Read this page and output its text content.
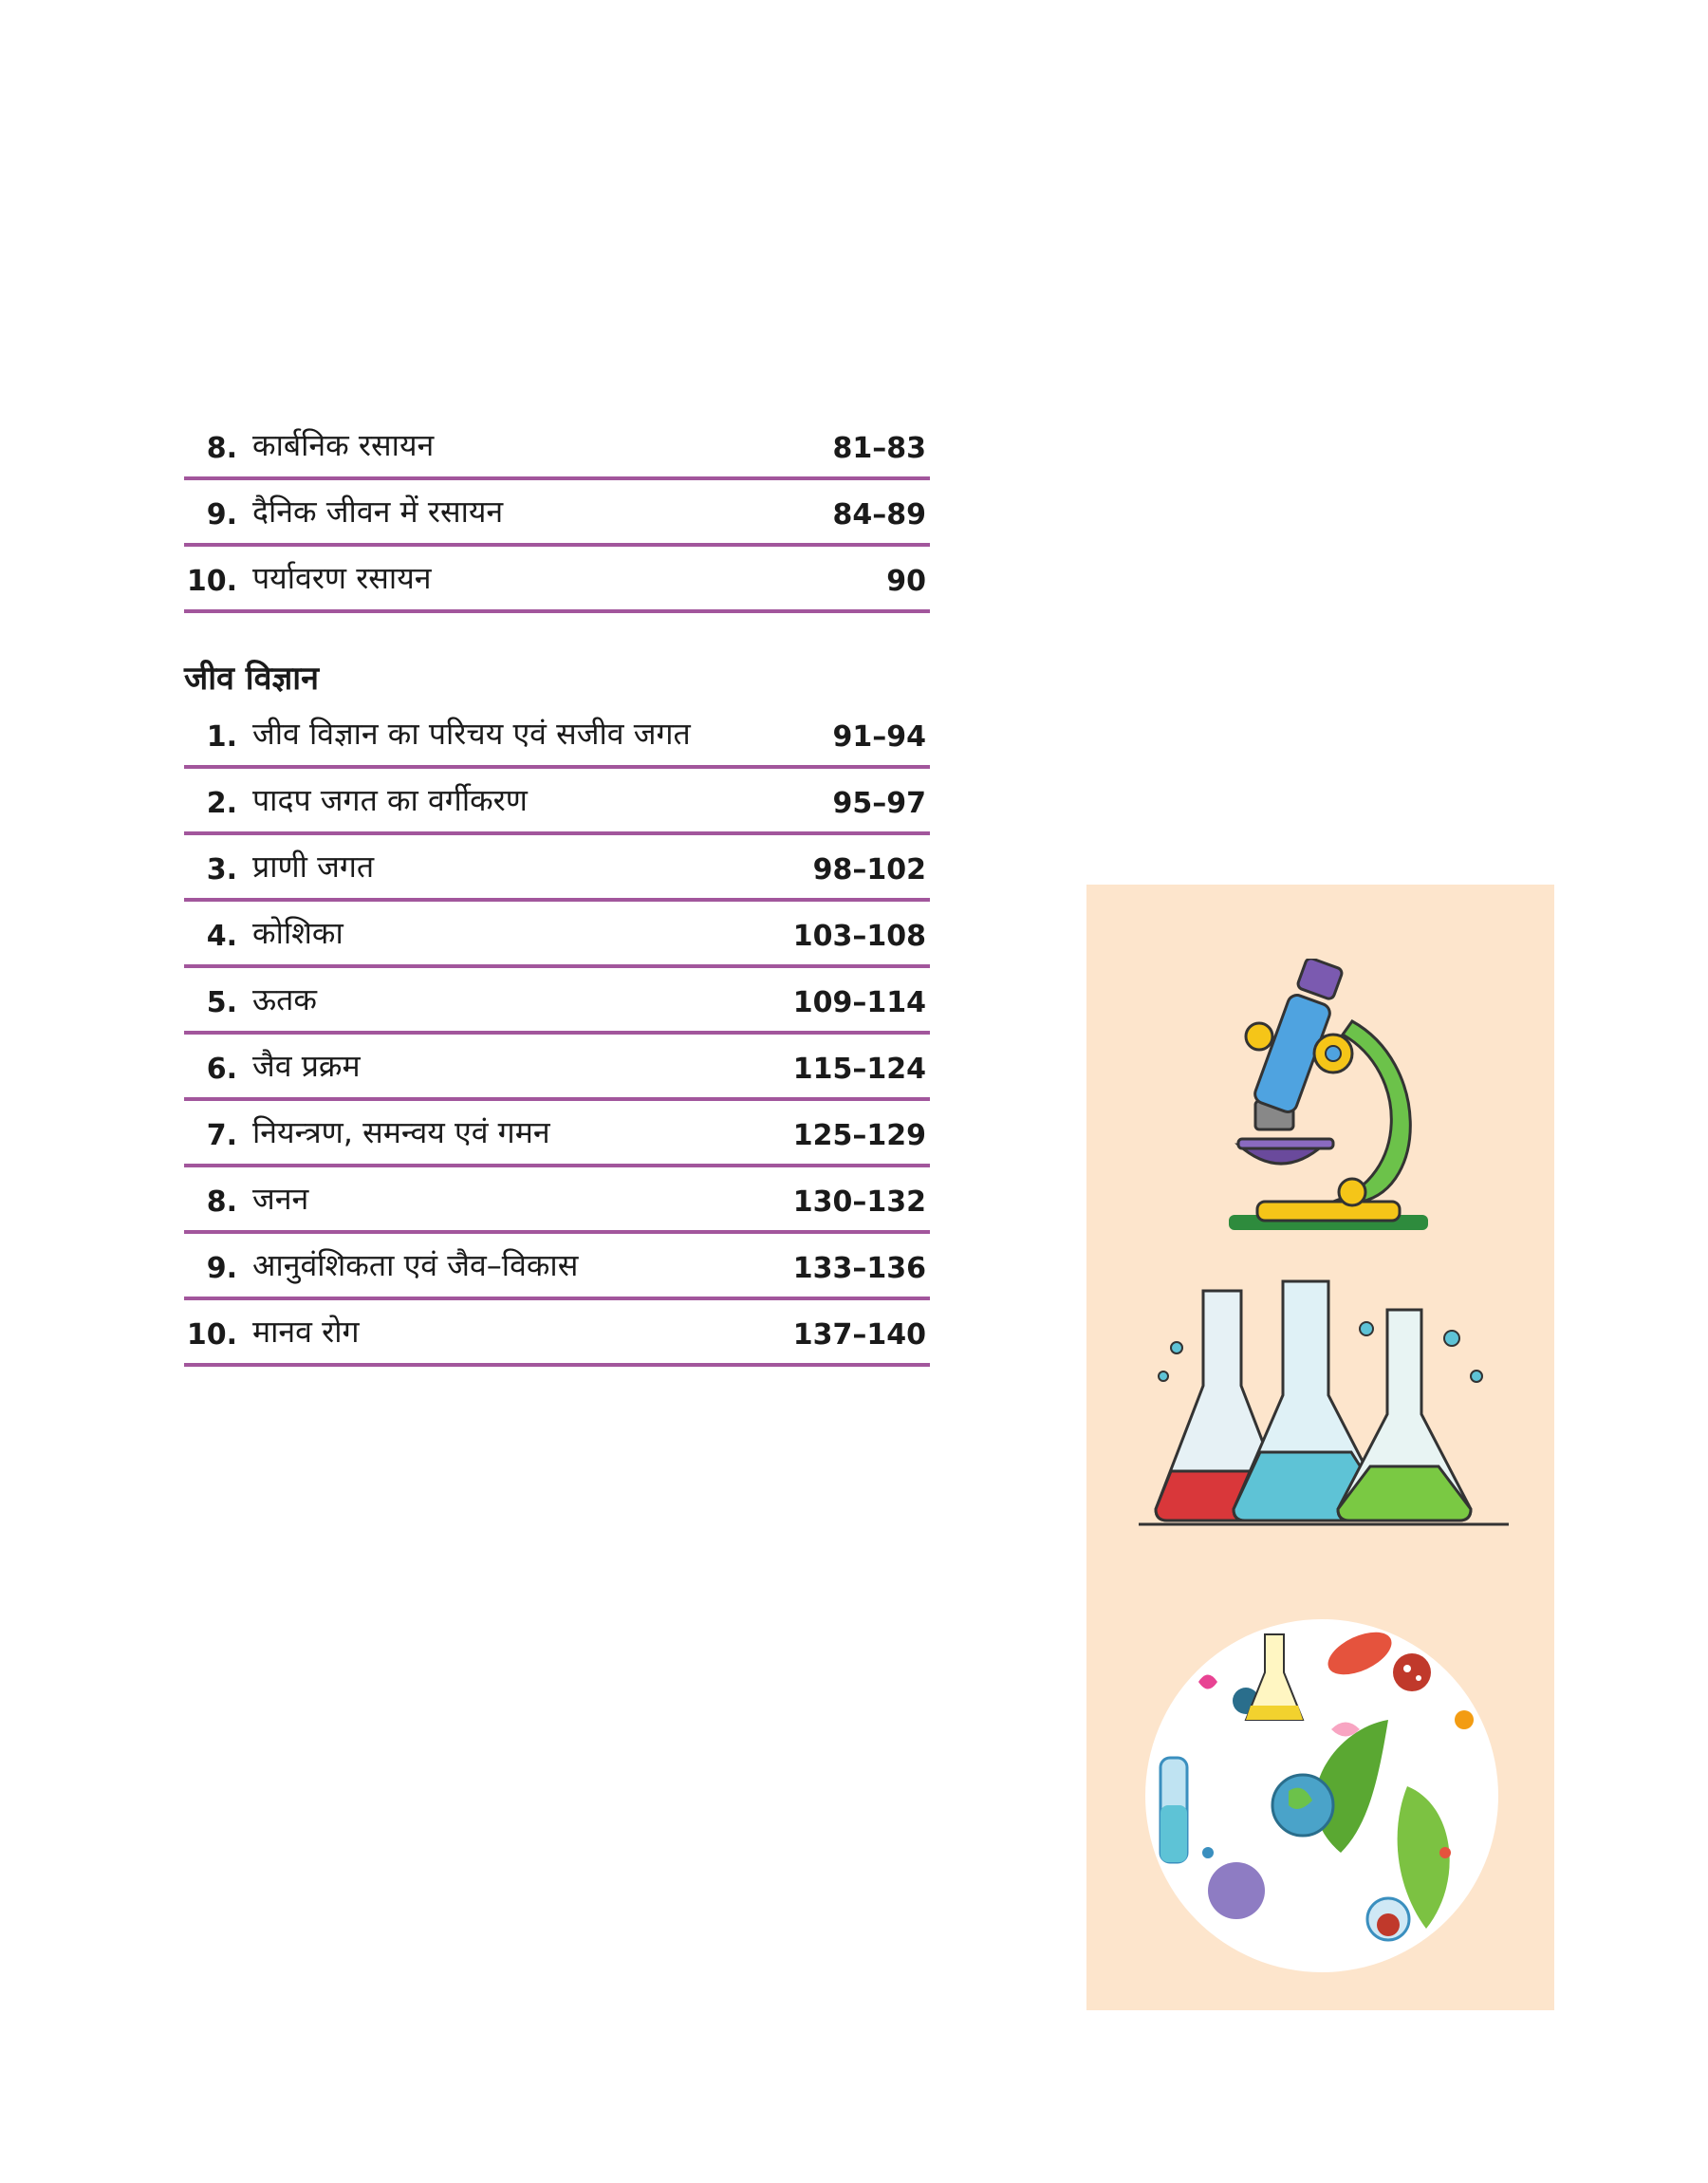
8. कार्बनिक रसायन	81–83
9. दैनिक जीवन में रसायन	84–89
10. पर्यावरण रसायन	90
जीव विज्ञान
1. जीव विज्ञान का परिचय एवं सजीव जगत	91–94
2. पादप जगत का वर्गीकरण	95–97
3. प्राणी जगत	98–102
4. कोशिका	103–108
5. ऊतक	109–114
6. जैव प्रक्रम	115–124
7. नियन्त्रण, समन्वय एवं गमन	125–129
8. जनन	130–132
9. आनुवंशिकता एवं जैव–विकास	133–136
10. मानव रोग	137–140
